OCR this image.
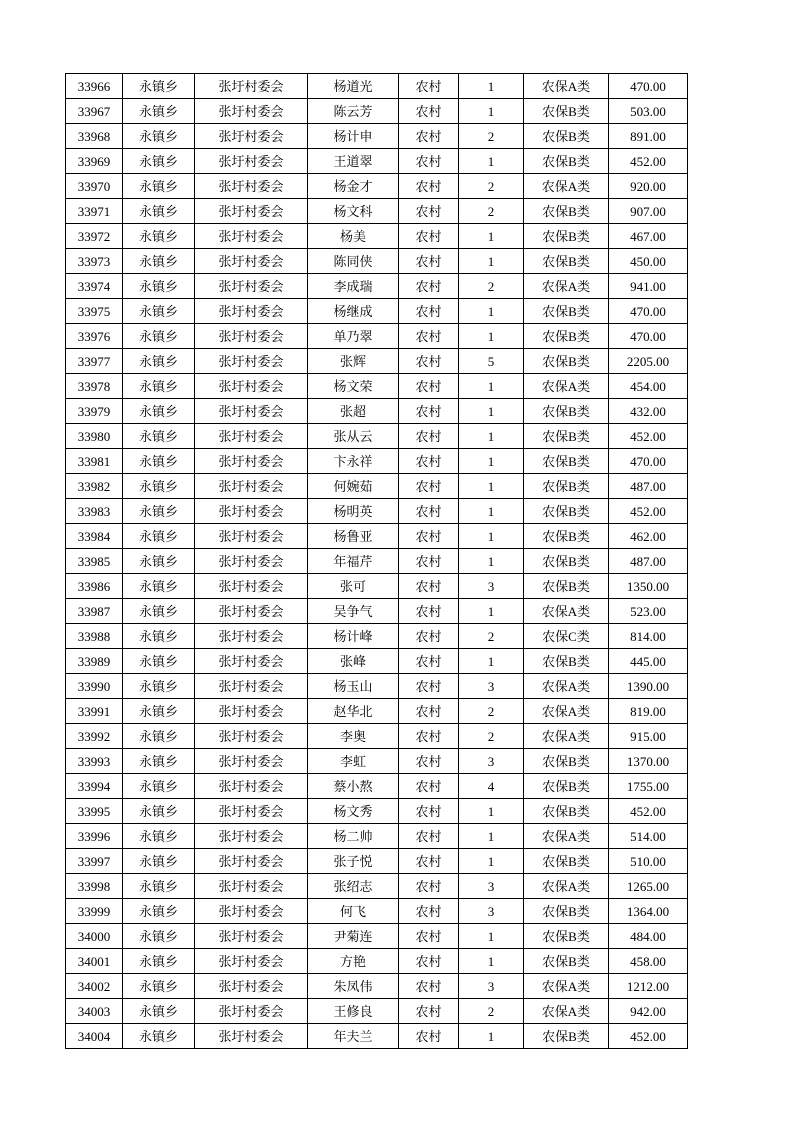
33966	永镇乡	张圩村委会	杨道光	农村	1	农保A类	470.00
33967	永镇乡	张圩村委会	陈云芳	农村	1	农保B类	503.00
33968	永镇乡	张圩村委会	杨计申	农村	2	农保B类	891.00
33969	永镇乡	张圩村委会	王道翠	农村	1	农保B类	452.00
33970	永镇乡	张圩村委会	杨金才	农村	2	农保A类	920.00
33971	永镇乡	张圩村委会	杨文科	农村	2	农保B类	907.00
33972	永镇乡	张圩村委会	杨美	农村	1	农保B类	467.00
33973	永镇乡	张圩村委会	陈同侠	农村	1	农保B类	450.00
33974	永镇乡	张圩村委会	李成瑞	农村	2	农保A类	941.00
33975	永镇乡	张圩村委会	杨继成	农村	1	农保B类	470.00
33976	永镇乡	张圩村委会	单乃翠	农村	1	农保B类	470.00
33977	永镇乡	张圩村委会	张辉	农村	5	农保B类	2205.00
33978	永镇乡	张圩村委会	杨文荣	农村	1	农保A类	454.00
33979	永镇乡	张圩村委会	张超	农村	1	农保B类	432.00
33980	永镇乡	张圩村委会	张从云	农村	1	农保B类	452.00
33981	永镇乡	张圩村委会	卞永祥	农村	1	农保B类	470.00
33982	永镇乡	张圩村委会	何婉茹	农村	1	农保B类	487.00
33983	永镇乡	张圩村委会	杨明英	农村	1	农保B类	452.00
33984	永镇乡	张圩村委会	杨鲁亚	农村	1	农保B类	462.00
33985	永镇乡	张圩村委会	年福芹	农村	1	农保B类	487.00
33986	永镇乡	张圩村委会	张可	农村	3	农保B类	1350.00
33987	永镇乡	张圩村委会	吴争气	农村	1	农保A类	523.00
33988	永镇乡	张圩村委会	杨计峰	农村	2	农保C类	814.00
33989	永镇乡	张圩村委会	张峰	农村	1	农保B类	445.00
33990	永镇乡	张圩村委会	杨玉山	农村	3	农保A类	1390.00
33991	永镇乡	张圩村委会	赵华北	农村	2	农保A类	819.00
33992	永镇乡	张圩村委会	李奥	农村	2	农保A类	915.00
33993	永镇乡	张圩村委会	李虹	农村	3	农保B类	1370.00
33994	永镇乡	张圩村委会	蔡小熬	农村	4	农保B类	1755.00
33995	永镇乡	张圩村委会	杨文秀	农村	1	农保B类	452.00
33996	永镇乡	张圩村委会	杨二帅	农村	1	农保A类	514.00
33997	永镇乡	张圩村委会	张子悦	农村	1	农保B类	510.00
33998	永镇乡	张圩村委会	张绍志	农村	3	农保A类	1265.00
33999	永镇乡	张圩村委会	何飞	农村	3	农保B类	1364.00
34000	永镇乡	张圩村委会	尹菊连	农村	1	农保B类	484.00
34001	永镇乡	张圩村委会	方艳	农村	1	农保B类	458.00
34002	永镇乡	张圩村委会	朱凤伟	农村	3	农保A类	1212.00
34003	永镇乡	张圩村委会	王修良	农村	2	农保A类	942.00
34004	永镇乡	张圩村委会	年夫兰	农村	1	农保B类	452.00
